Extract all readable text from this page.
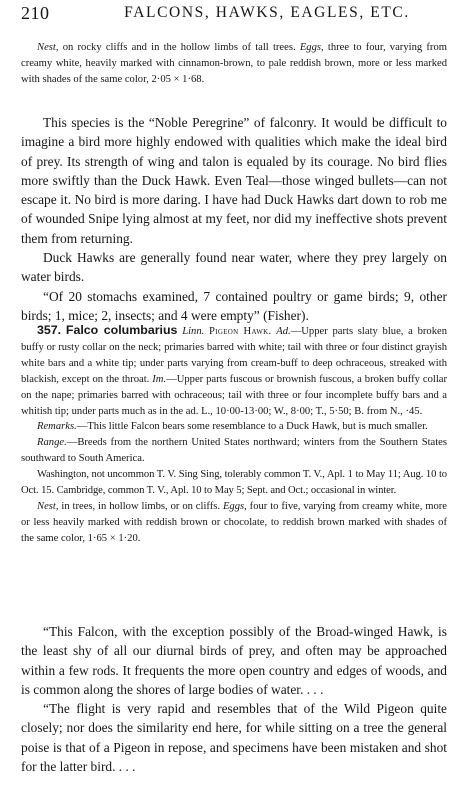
210	FALCONS, HAWKS, EAGLES, ETC.

Nest, on rocky cliffs and in the hollow limbs of tall trees. Eggs, three to four, varying from creamy white, heavily marked with cinnamon-brown, to pale reddish brown, more or less marked with shades of the same color, 2·05 × 1·68.

This species is the “Noble Peregrine” of falconry. It would be difficult to imagine a bird more highly endowed with qualities which make the ideal bird of prey. Its strength of wing and talon is equaled by its courage. No bird flies more swiftly than the Duck Hawk. Even Teal—those winged bullets—can not escape it. No bird is more daring. I have had Duck Hawks dart down to rob me of wounded Snipe lying almost at my feet, nor did my ineffective shots prevent them from returning.

Duck Hawks are generally found near water, where they prey largely on water birds.

“Of 20 stomachs examined, 7 contained poultry or game birds; 9, other birds; 1, mice; 2, insects; and 4 were empty” (Fisher).

357. Falco columbarius Linn. Pigeon Hawk. Ad.—Upper parts slaty blue, a broken buffy or rusty collar on the neck; primaries barred with white; tail with three or four distinct grayish white bars and a white tip; under parts varying from cream-buff to deep ochraceous, streaked with blackish, except on the throat. Im.—Upper parts fuscous or brownish fuscous, a broken buffy collar on the nape; primaries barred with ochraceous; tail with three or four incomplete buffy bars and a whitish tip; under parts much as in the ad. L., 10·00-13·00; W., 8·00; T., 5·50; B. from N., ·45.

Remarks.—This little Falcon bears some resemblance to a Duck Hawk, but is much smaller.

Range.—Breeds from the northern United States northward; winters from the Southern States southward to South America.

Washington, not uncommon T. V. Sing Sing, tolerably common T. V., Apl. 1 to May 11; Aug. 10 to Oct. 15. Cambridge, common T. V., Apl. 10 to May 5; Sept. and Oct.; occasional in winter.

Nest, in trees, in hollow limbs, or on cliffs. Eggs, four to five, varying from creamy white, more or less heavily marked with reddish brown or chocolate, to reddish brown marked with shades of the same color, 1·65 × 1·20.

“This Falcon, with the exception possibly of the Broad-winged Hawk, is the least shy of all our diurnal birds of prey, and often may be approached within a few rods. It frequents the more open country and edges of woods, and is common along the shores of large bodies of water. . . .

“The flight is very rapid and resembles that of the Wild Pigeon quite closely; nor does the similarity end here, for while sitting on a tree the general poise is that of a Pigeon in repose, and specimens have been mistaken and shot for the latter bird. . . .
